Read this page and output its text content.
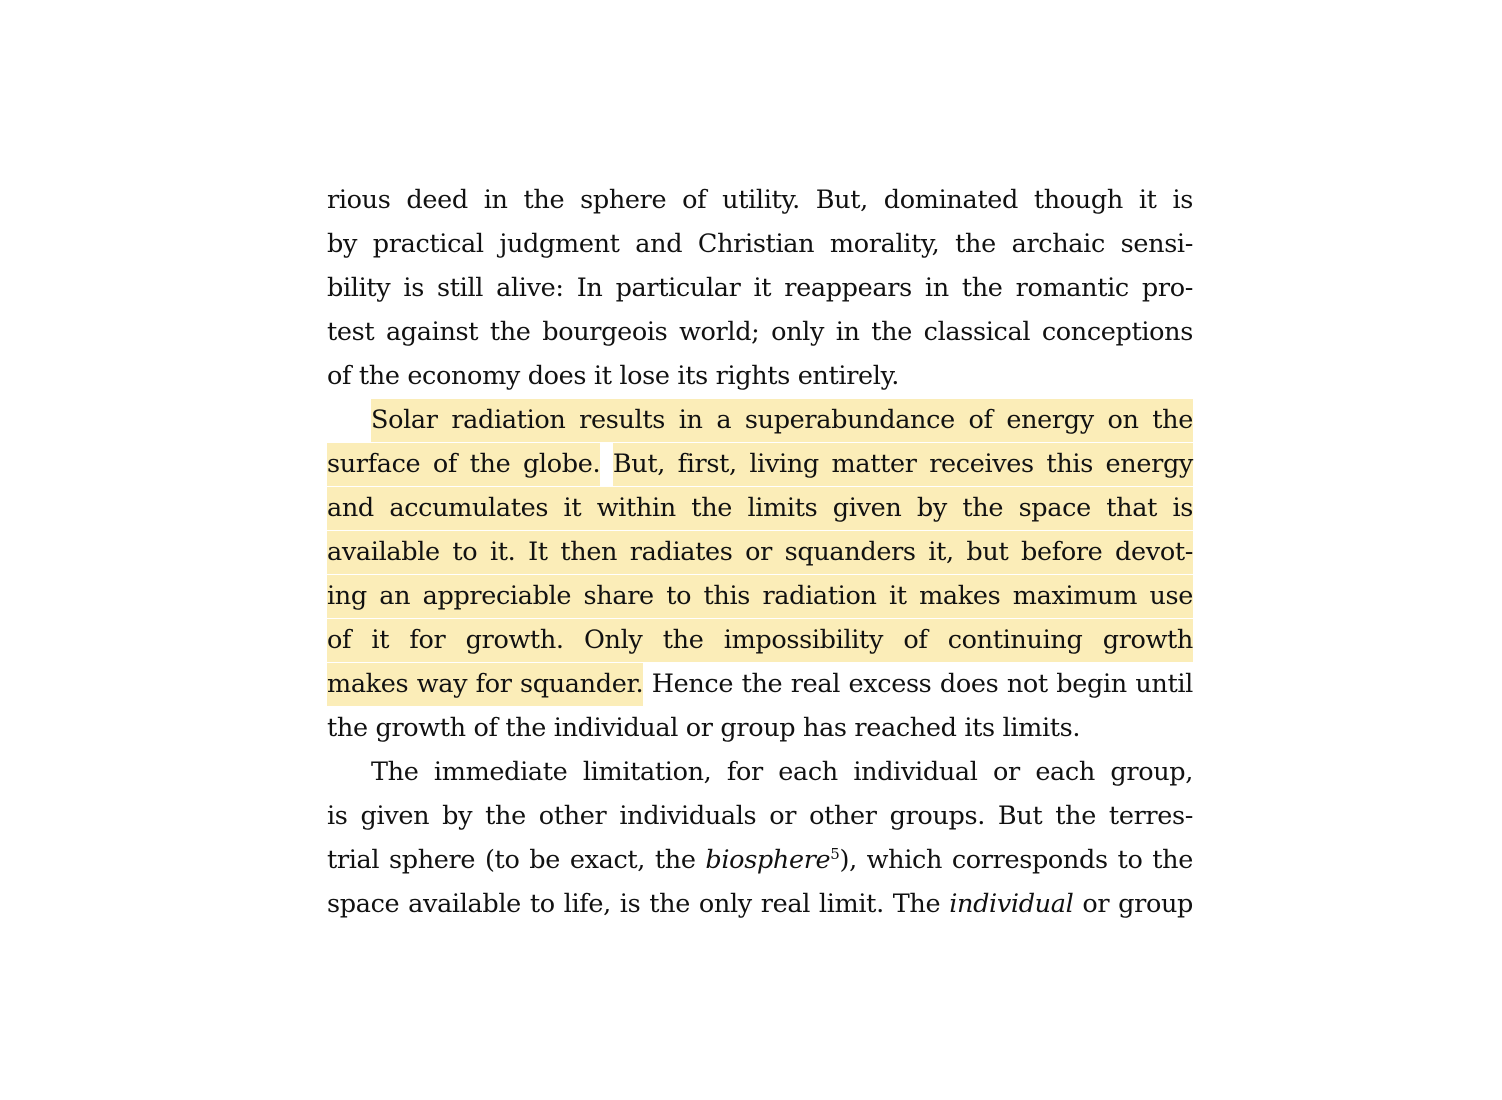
rious deed in the sphere of utility. But, dominated though it is
by practical judgment and Christian morality, the archaic sensi-
bility is still alive: In particular it reappears in the romantic pro-
test against the bourgeois world; only in the classical conceptions
of the economy does it lose its rights entirely.
Solar radiation results in a superabundance of energy on the
surface of the globe. But, first, living matter receives this energy
and accumulates it within the limits given by the space that is
available to it. It then radiates or squanders it, but before devot-
ing an appreciable share to this radiation it makes maximum use
of it for growth. Only the impossibility of continuing growth
makes way for squander. Hence the real excess does not begin until
the growth of the individual or group has reached its limits.
The immediate limitation, for each individual or each group,
is given by the other individuals or other groups. But the terres-
trial sphere (to be exact, the biosphere$^5$), which corresponds to the
space available to life, is the only real limit. The individual or group
